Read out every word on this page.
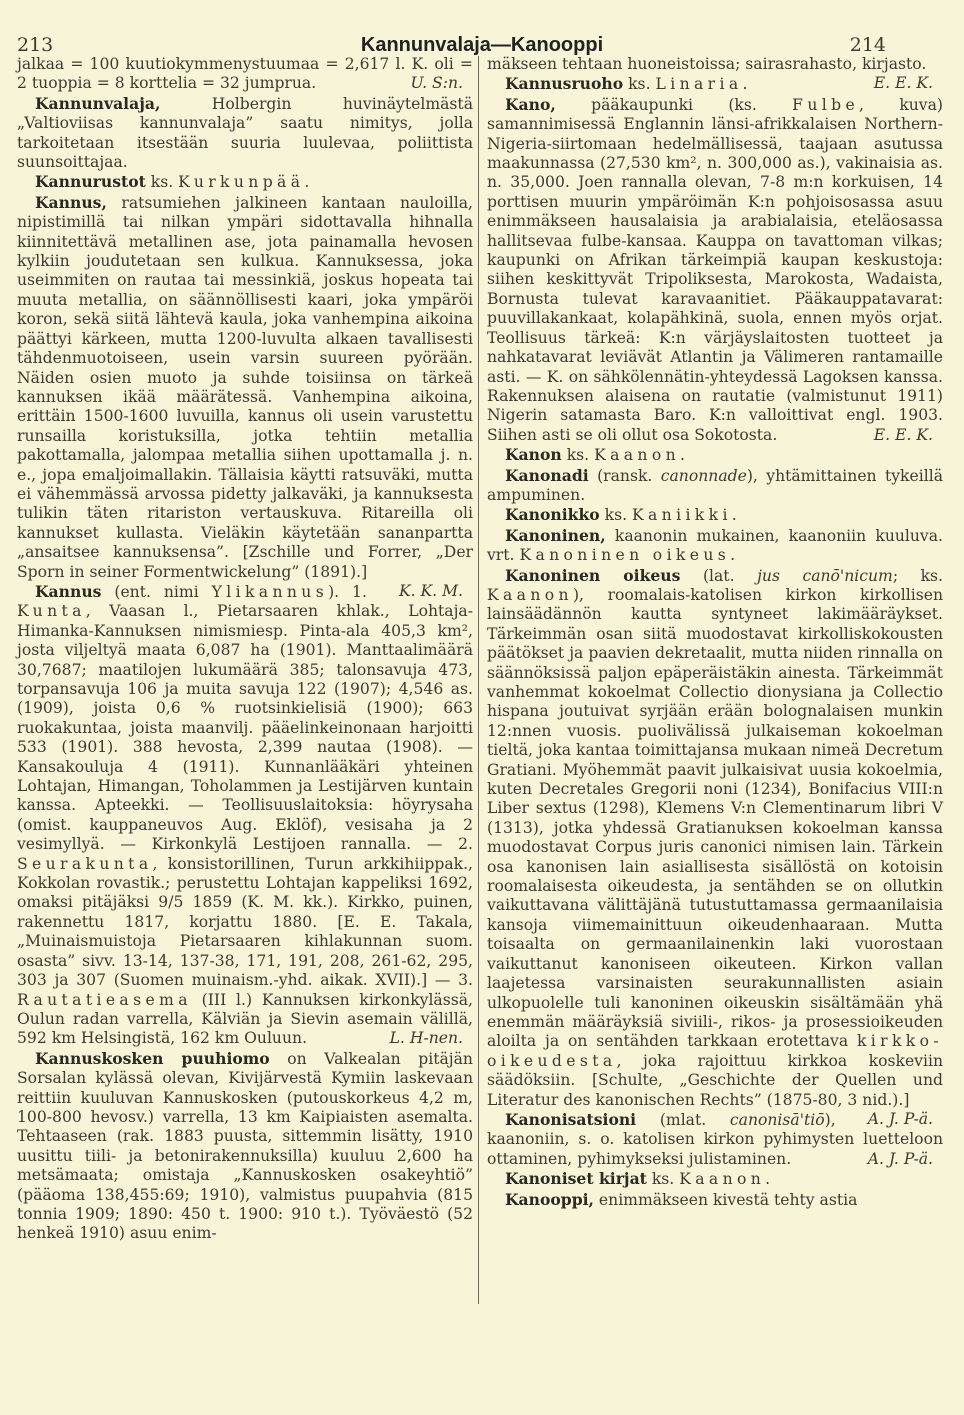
213	Kannunvalaja—Kanooppi	214

jalkaa = 100 kuutiokymmenystuumaa = 2,617 l. K. oli = 2 tuoppia = 8 korttelia = 32 jumprua.	U. S:n.

Kannunvalaja, Holbergin huvinäytelmästä „Valtioviisas kannunvalaja” saatu nimitys, jolla tarkoitetaan itsestään suuria luulevaa, poliittista suunsoittajaa.

Kannurustot ks. Kurkunpää.

Kannus, ratsumiehen jalkineen kantaan nauloilla, nipistimillä tai nilkan ympäri sidottavalla hihnalla kiinnitettävä metallinen ase, jota painamalla hevosen kylkiin joudutetaan sen kulkua. Kannuksessa, joka useimmiten on rautaa tai messinkiä, joskus hopeata tai muuta metallia, on säännöllisesti kaari, joka ympäröi koron, sekä siitä lähtevä kaula, joka vanhempina aikoina päättyi kärkeen, mutta 1200-luvulta alkaen tavallisesti tähdenmuotoiseen, usein varsin suureen pyörään. Näiden osien muoto ja suhde toisiinsa on tärkeä kannuksen ikää määrätessä. Vanhempina aikoina, erittäin 1500-1600 luvuilla, kannus oli usein varustettu runsailla koristuksilla, jotka tehtiin metallia pakottamalla, jalompaa metallia siihen upottamalla j. n. e., jopa emaljoimallakin. Tällaisia käytti ratsuväki, mutta ei vähemmässä arvossa pidetty jalkaväki, ja kannuksesta tulikin täten ritariston vertauskuva. Ritareilla oli kannukset kullasta. Vieläkin käytetään sananpartta „ansaitsee kannuksensa”. [Zschille und Forrer, „Der Sporn in seiner Formentwickelung” (1891).]
K. K. M.

Kannus (ent. nimi Ylikannus). 1. Kunta, Vaasan l., Pietarsaaren khlak., Lohtaja-Himanka-Kannuksen nimismiesp. Pinta-ala 405,3 km², josta viljeltyä maata 6,087 ha (1901). Manttaalimäärä 30,7687; maatilojen lukumäärä 385; talonsavuja 473, torpansavuja 106 ja muita savuja 122 (1907); 4,546 as. (1909), joista 0,6 % ruotsinkielisiä (1900); 663 ruokakuntaa, joista maanvilj. pääelinkeinonaan harjoitti 533 (1901). 388 hevosta, 2,399 nautaa (1908). — Kansakouluja 4 (1911). Kunnanlääkäri yhteinen Lohtajan, Himangan, Toholammen ja Lestijärven kuntain kanssa. Apteekki. — Teollisuuslaitoksia: höyrysaha (omist. kauppaneuvos Aug. Eklöf), vesisaha ja 2 vesimyllyä. — Kirkonkylä Lestijoen rannalla. — 2. Seurakunta, konsistorillinen, Turun arkkihiippak., Kokkolan rovastik.; perustettu Lohtajan kappeliksi 1692, omaksi pitäjäksi 9/5 1859 (K. M. kk.). Kirkko, puinen, rakennettu 1817, korjattu 1880. [E. E. Takala, „Muinaismuistoja Pietarsaaren kihlakunnan suom. osasta” sivv. 13-14, 137-38, 171, 191, 208, 261-62, 295, 303 ja 307 (Suomen muinaism.-yhd. aikak. XVII).] — 3. Rautatieasema (III l.) Kannuksen kirkonkylässä, Oulun radan varrella, Kälviän ja Sievin asemain välillä, 592 km Helsingistä, 162 km Ouluun.	L. H-nen.

Kannuskosken puuhiomo on Valkealan pitäjän Sorsalan kylässä olevan, Kivijärvestä Kymiin laskevaan reittiin kuuluvan Kannuskosken (putouskorkeus 4,2 m, 100-800 hevosv.) varrella, 13 km Kaipiaisten asemalta. Tehtaaseen (rak. 1883 puusta, sittemmin lisätty, 1910 uusittu tiili- ja betonirakennuksilla) kuuluu 2,600 ha metsämaata; omistaja „Kannuskosken osakeyhtiö” (pääoma 138,455:69; 1910), valmistus puupahvia (815 tonnia 1909; 1890: 450 t. 1900: 910 t.). Työväestö (52 henkeä 1910) asuu enim-

mäkseen tehtaan huoneistoissa; sairasrahasto, kirjasto.
E. E. K.

Kannusruoho ks. Linaria.

Kano, pääkaupunki (ks. Fulbe, kuva) samannimisessä Englannin länsi-afrikkalaisen Northern-Nigeria-siirtomaan hedelmällisessä, taajaan asutussa maakunnassa (27,530 km², n. 300,000 as.), vakinaisia as. n. 35,000. Joen rannalla olevan, 7-8 m:n korkuisen, 14 porttisen muurin ympäröimän K:n pohjoisosassa asuu enimmäkseen hausalaisia ja arabialaisia, eteläosassa hallitsevaa fulbe-kansaa. Kauppa on tavattoman vilkas; kaupunki on Afrikan tärkeimpiä kaupan keskustoja: siihen keskittyvät Tripoliksesta, Marokosta, Wadaista, Bornusta tulevat karavaanitiet. Pääkauppatavarat: puuvillakankaat, kolapähkinä, suola, ennen myös orjat. Teollisuus tärkeä: K:n värjäyslaitosten tuotteet ja nahkatavarat leviävät Atlantin ja Välimeren rantamaille asti. — K. on sähkölennätin-yhteydessä Lagoksen kanssa. Rakennuksen alaisena on rautatie (valmistunut 1911) Nigerin satamasta Baro. K:n valloittivat engl. 1903. Siihen asti se oli ollut osa Sokotosta.	E. E. K.

Kanon ks. Kaanon.

Kanonadi (ransk. canonnade), yhtämittainen tykeillä ampuminen.

Kanonikko ks. Kaniikki.

Kanoninen, kaanonin mukainen, kaanoniin kuuluva. vrt. Kanoninen oikeus.

Kanoninen oikeus (lat. jus canō'nicum; ks. Kaanon), roomalais-katolisen kirkon kirkollisen lainsäädännön kautta syntyneet lakimääräykset. Tärkeimmän osan siitä muodostavat kirkolliskokousten päätökset ja paavien dekretaalit, mutta niiden rinnalla on säännöksissä paljon epäperäistäkin ainesta. Tärkeimmät vanhemmat kokoelmat Collectio dionysiana ja Collectio hispana joutuivat syrjään erään bolognalaisen munkin 12:nnen vuosis. puolivälissä julkaiseman kokoelman tieltä, joka kantaa toimittajansa mukaan nimeä Decretum Gratiani. Myöhemmät paavit julkaisivat uusia kokoelmia, kuten Decretales Gregorii noni (1234), Bonifacius VIII:n Liber sextus (1298), Klemens V:n Clementinarum libri V (1313), jotka yhdessä Gratianuksen kokoelman kanssa muodostavat Corpus juris canonici nimisen lain. Tärkein osa kanonisen lain asiallisesta sisällöstä on kotoisin roomalaisesta oikeudesta, ja sentähden se on ollutkin vaikuttavana välittäjänä tutustuttamassa germaanilaisia kansoja viimemainittuun oikeudenhaaraan. Mutta toisaalta on germaanilainenkin laki vuorostaan vaikuttanut kanoniseen oikeuteen. Kirkon vallan laajetessa varsinaisten seurakunnallisten asiain ulkopuolelle tuli kanoninen oikeuskin sisältämään yhä enemmän määräyksiä siviili-, rikos- ja prosessioikeuden aloilta ja on sentähden tarkkaan erotettava kirkko-oikeudesta, joka rajoittuu kirkkoa koskeviin säädöksiin. [Schulte, „Geschichte der Quellen und Literatur des kanonischen Rechts” (1875-80, 3 nid.).]
A. J. P-ä.

Kanonisatsioni (mlat. canonisā'tiō), kaanoniin, s. o. katolisen kirkon pyhimysten luetteloon ottaminen, pyhimykseksi julistaminen.	A. J. P-ä.

Kanoniset kirjat ks. Kaanon.

Kanooppi, enimmäkseen kivestä tehty astia
